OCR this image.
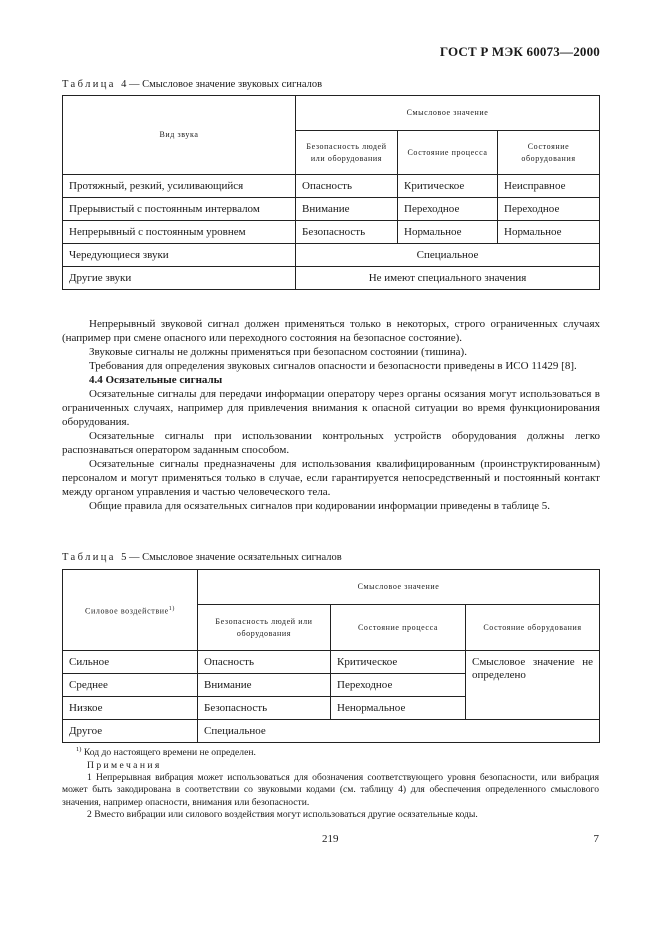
ГОСТ Р МЭК 60073—2000
Таблица 4 — Смысловое значение звуковых сигналов
Вид звука	Смысловое значение		
	Безопасность людей или оборудования	Состояние процесса	Состояние оборудования
Протяжный, резкий, усиливающийся	Опасность	Критическое	Неисправное
Прерывистый с постоянным интервалом	Внимание	Переходное	Переходное
Непрерывный с постоянным уровнем	Безопасность	Нормальное	Нормальное
Чередующиеся звуки	Специальное		
Другие звуки	Не имеют специального значения		

Непрерывный звуковой сигнал должен применяться только в некоторых, строго ограниченных случаях (например при смене опасного или переходного состояния на безопасное состояние).

Звуковые сигналы не должны применяться при безопасном состоянии (тишина).

Требования для определения звуковых сигналов опасности и безопасности приведены в ИСО 11429 [8].

4.4 Осязательные сигналы

Осязательные сигналы для передачи информации оператору через органы осязания могут использоваться в ограниченных случаях, например для привлечения внимания к опасной ситуации во время функционирования оборудования.

Осязательные сигналы при использовании контрольных устройств оборудования должны легко распознаваться оператором заданным способом.

Осязательные сигналы предназначены для использования квалифицированным (проинструктированным) персоналом и могут применяться только в случае, если гарантируется непосредственный и постоянный контакт между органом управления и частью человеческого тела.

Общие правила для осязательных сигналов при кодировании информации приведены в таблице 5.

Таблица 5 — Смысловое значение осязательных сигналов
Силовое воздействие$^{1)}$	Смысловое значение		
	Безопасность людей или оборудования	Состояние процесса	Состояние оборудования
Сильное	Опасность	Критическое	Смысловое значение не определено
Среднее	Внимание	Переходное	
Низкое	Безопасность	Ненормальное	
Другое	Специальное		

$^{1)}$ Код до настоящего времени не определен.

Примечания

1 Непрерывная вибрация может использоваться для обозначения соответствующего уровня безопасности, или вибрация может быть закодирована в соответствии со звуковыми кодами (см. таблицу 4) для обеспечения определенного смыслового значения, например опасности, внимания или безопасности.

2 Вместо вибрации или силового воздействия могут использоваться другие осязательные коды.

219	7
